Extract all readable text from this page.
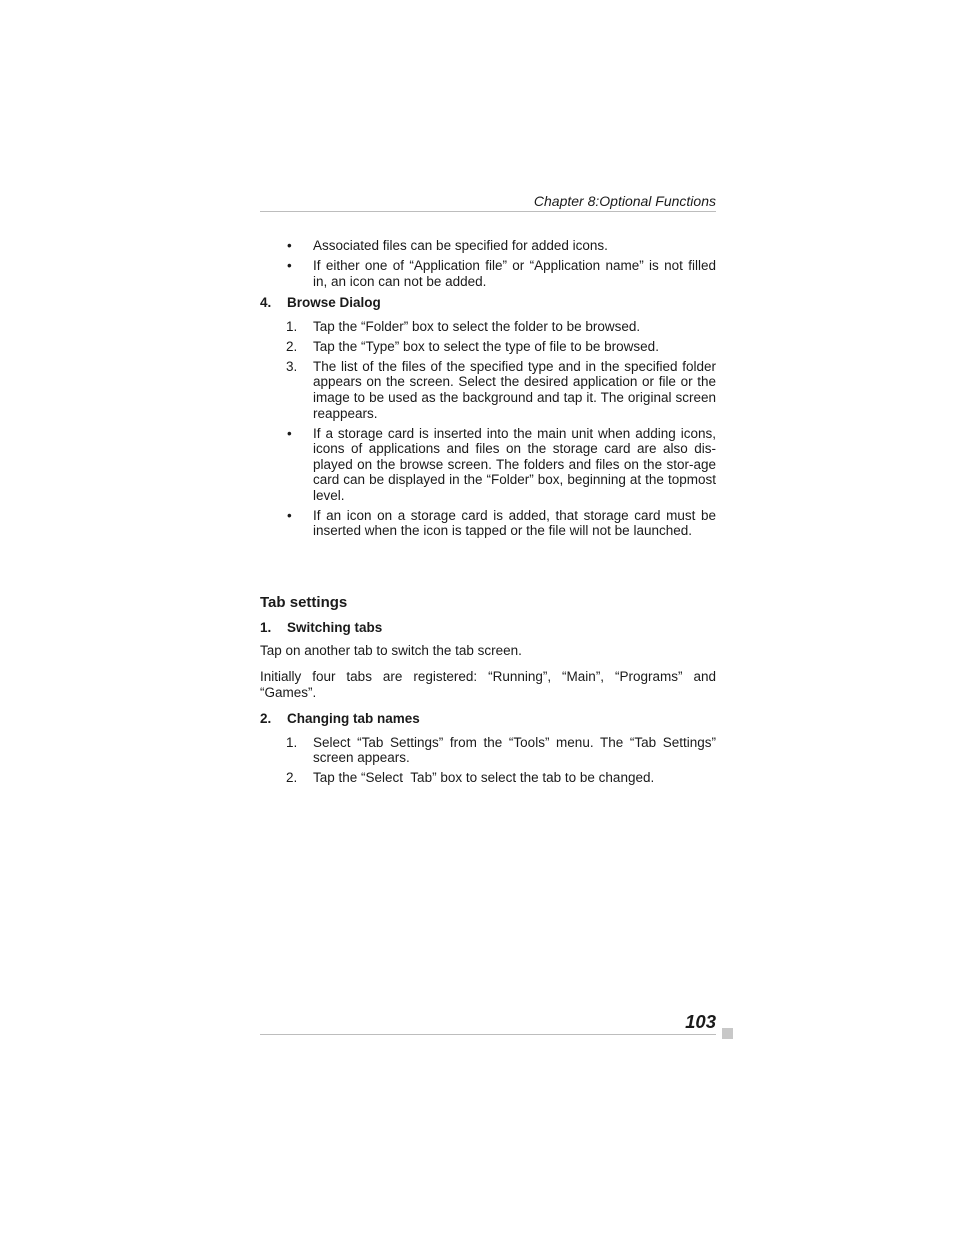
Chapter 8:Optional Functions
• Associated files can be specified for added icons.
• If either one of “Application file” or “Application name” is not filled in, an icon can not be added.
4. Browse Dialog
1. Tap the “Folder” box to select the folder to be browsed.
2. Tap the “Type” box to select the type of file to be browsed.
3. The list of the files of the specified type and in the specified folder appears on the screen. Select the desired application or file or the image to be used as the background and tap it. The original screen reappears.
• If a storage card is inserted into the main unit when adding icons, icons of applications and files on the storage card are also dis-played on the browse screen. The folders and files on the stor-age card can be displayed in the “Folder” box, beginning at the topmost level.
• If an icon on a storage card is added, that storage card must be inserted when the icon is tapped or the file will not be launched.
Tab settings
1. Switching tabs
Tap on another tab to switch the tab screen.
Initially four tabs are registered: “Running”, “Main”, “Programs” and “Games”.
2. Changing tab names
1. Select “Tab Settings” from the “Tools” menu. The “Tab Settings” screen appears.
2. Tap the “Select  Tab” box to select the tab to be changed.
103
